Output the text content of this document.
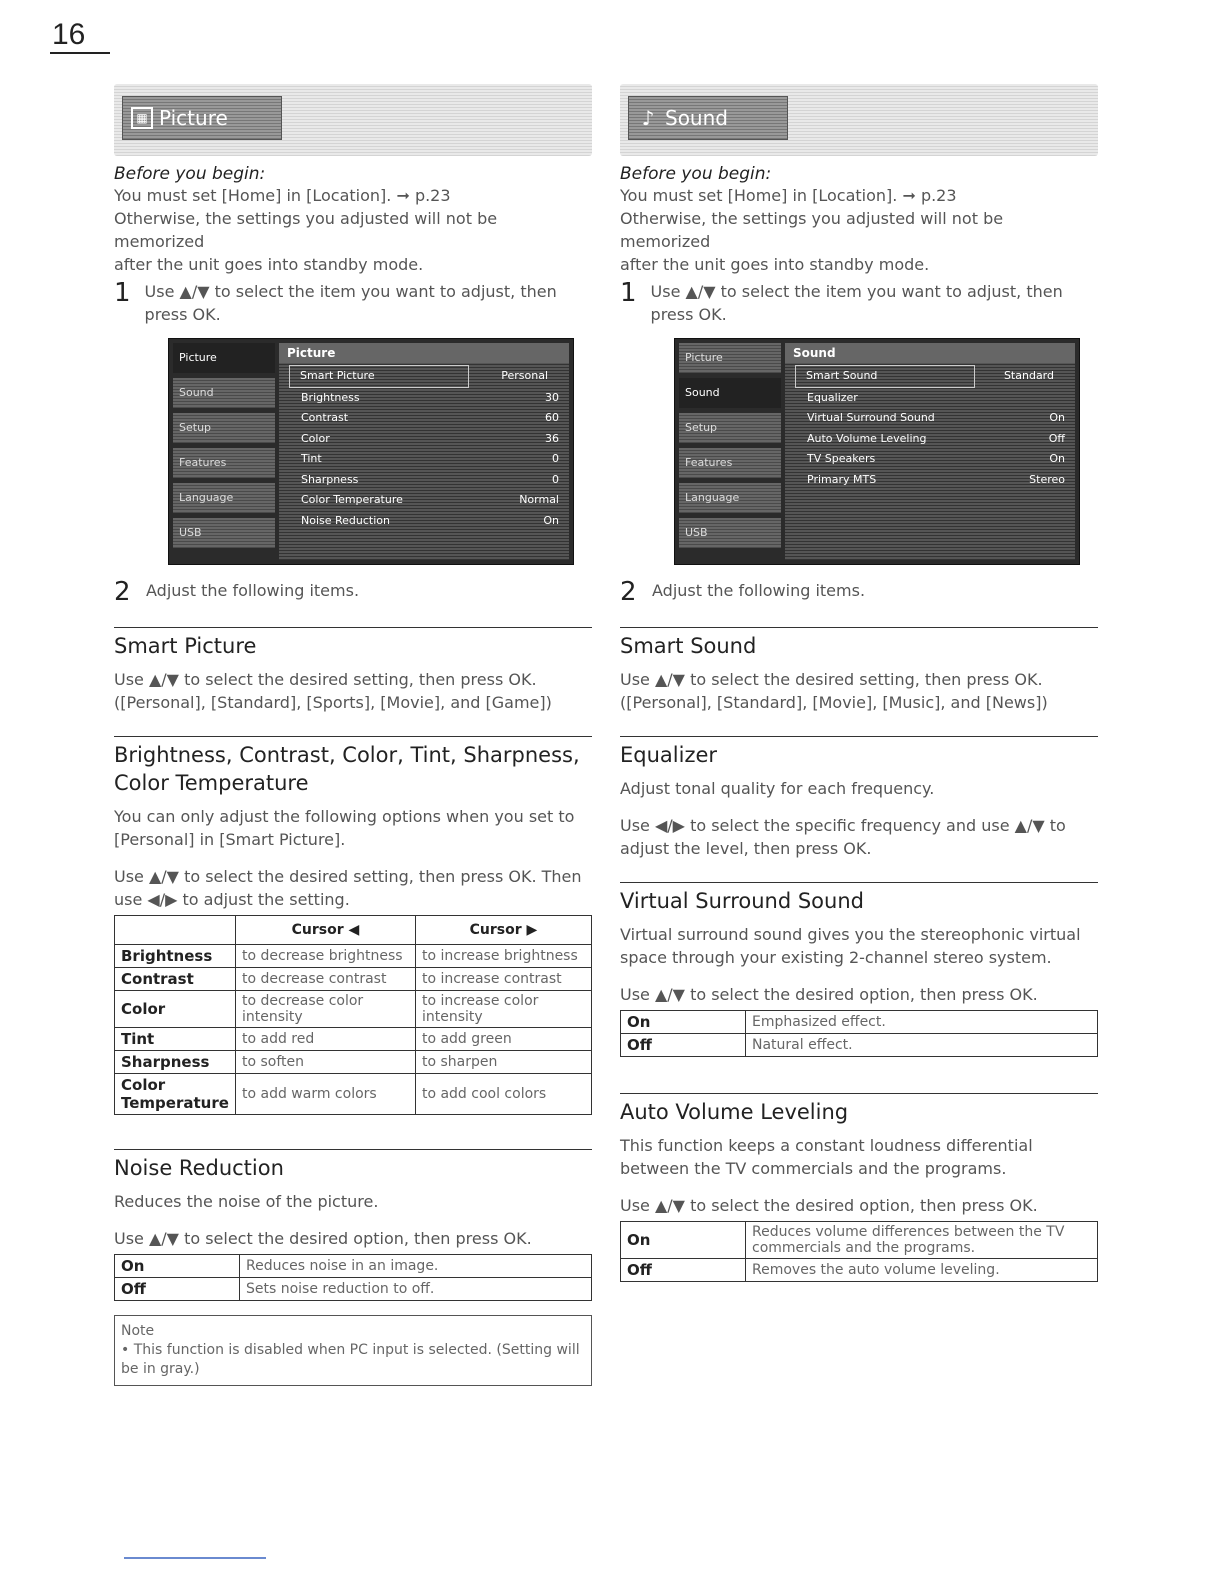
16
▦ Picture
Before you begin:
You must set [Home] in [Location]. ➞ p.23
Otherwise, the settings you adjusted will not be memorized
after the unit goes into standby mode.
1 Use ▲/▼ to select the item you want to adjust, then press OK.
Picture
Sound
Setup
Features
Language
USB
Picture
Smart Picture	Personal
Brightness	30
Contrast	60
Color	36
Tint	0
Sharpness	0
Color Temperature	Normal
Noise Reduction	On
2 Adjust the following items.
Smart Picture
Use ▲/▼ to select the desired setting, then press OK.
([Personal], [Standard], [Sports], [Movie], and [Game])
Brightness, Contrast, Color, Tint, Sharpness, Color Temperature
You can only adjust the following options when you set to [Personal] in [Smart Picture].
Use ▲/▼ to select the desired setting, then press OK. Then use ◀/▶ to adjust the setting.
	Cursor ◀	Cursor ▶
Brightness	to decrease brightness	to increase brightness
Contrast	to decrease contrast	to increase contrast
Color	to decrease color intensity	to increase color intensity
Tint	to add red	to add green
Sharpness	to soften	to sharpen
Color Temperature	to add warm colors	to add cool colors
Noise Reduction
Reduces the noise of the picture.
Use ▲/▼ to select the desired option, then press OK.
On	Reduces noise in an image.
Off	Sets noise reduction to off.
Note
• This function is disabled when PC input is selected. (Setting will be in gray.)
♪ Sound
Before you begin:
You must set [Home] in [Location]. ➞ p.23
Otherwise, the settings you adjusted will not be memorized
after the unit goes into standby mode.
1 Use ▲/▼ to select the item you want to adjust, then press OK.
Picture
Sound
Setup
Features
Language
USB
Sound
Smart Sound	Standard
Equalizer
Virtual Surround Sound	On
Auto Volume Leveling	Off
TV Speakers	On
Primary MTS	Stereo
2 Adjust the following items.
Smart Sound
Use ▲/▼ to select the desired setting, then press OK.
([Personal], [Standard], [Movie], [Music], and [News])
Equalizer
Adjust tonal quality for each frequency.
Use ◀/▶ to select the specific frequency and use ▲/▼ to adjust the level, then press OK.
Virtual Surround Sound
Virtual surround sound gives you the stereophonic virtual space through your existing 2-channel stereo system.
Use ▲/▼ to select the desired option, then press OK.
On	Emphasized effect.
Off	Natural effect.
Auto Volume Leveling
This function keeps a constant loudness differential between the TV commercials and the programs.
Use ▲/▼ to select the desired option, then press OK.
On	Reduces volume differences between the TV commercials and the programs.
Off	Removes the auto volume leveling.
